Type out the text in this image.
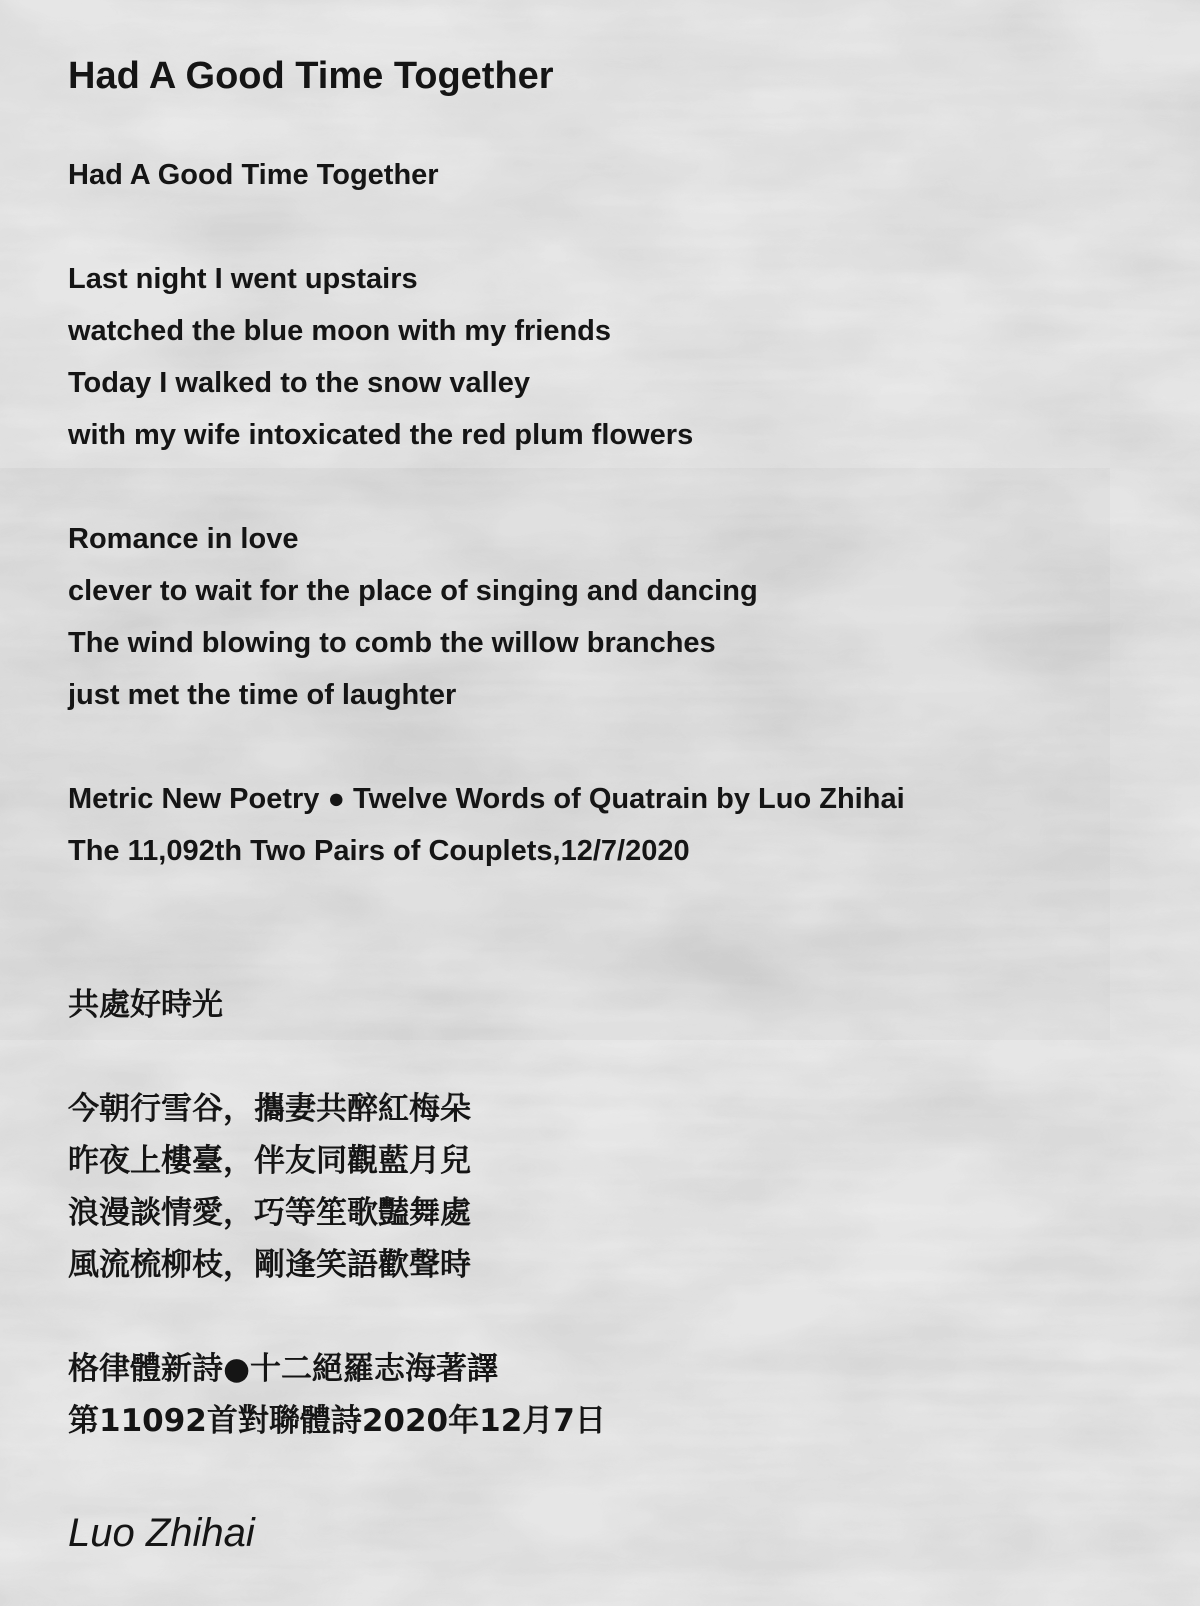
Had A Good Time Together
Had A Good Time Together
Last night I went upstairs
watched the blue moon with my friends
Today I walked to the snow valley
with my wife intoxicated the red plum flowers
Romance in love
clever to wait for the place of singing and dancing
The wind blowing to comb the willow branches
just met the time of laughter
Metric New Poetry ● Twelve Words of Quatrain by Luo Zhihai
The 11,092th Two Pairs of Couplets,12/7/2020
共處好時光
今朝行雪谷，攜妻共醉紅梅朵
昨夜上樓臺，伴友同觀藍月兒
浪漫談情愛，巧等笙歌豔舞處
風流梳柳枝，剛逢笑語歡聲時
格律體新詩●十二絕羅志海著譯
第11092首對聯體詩2020年12月7日
Luo Zhihai
